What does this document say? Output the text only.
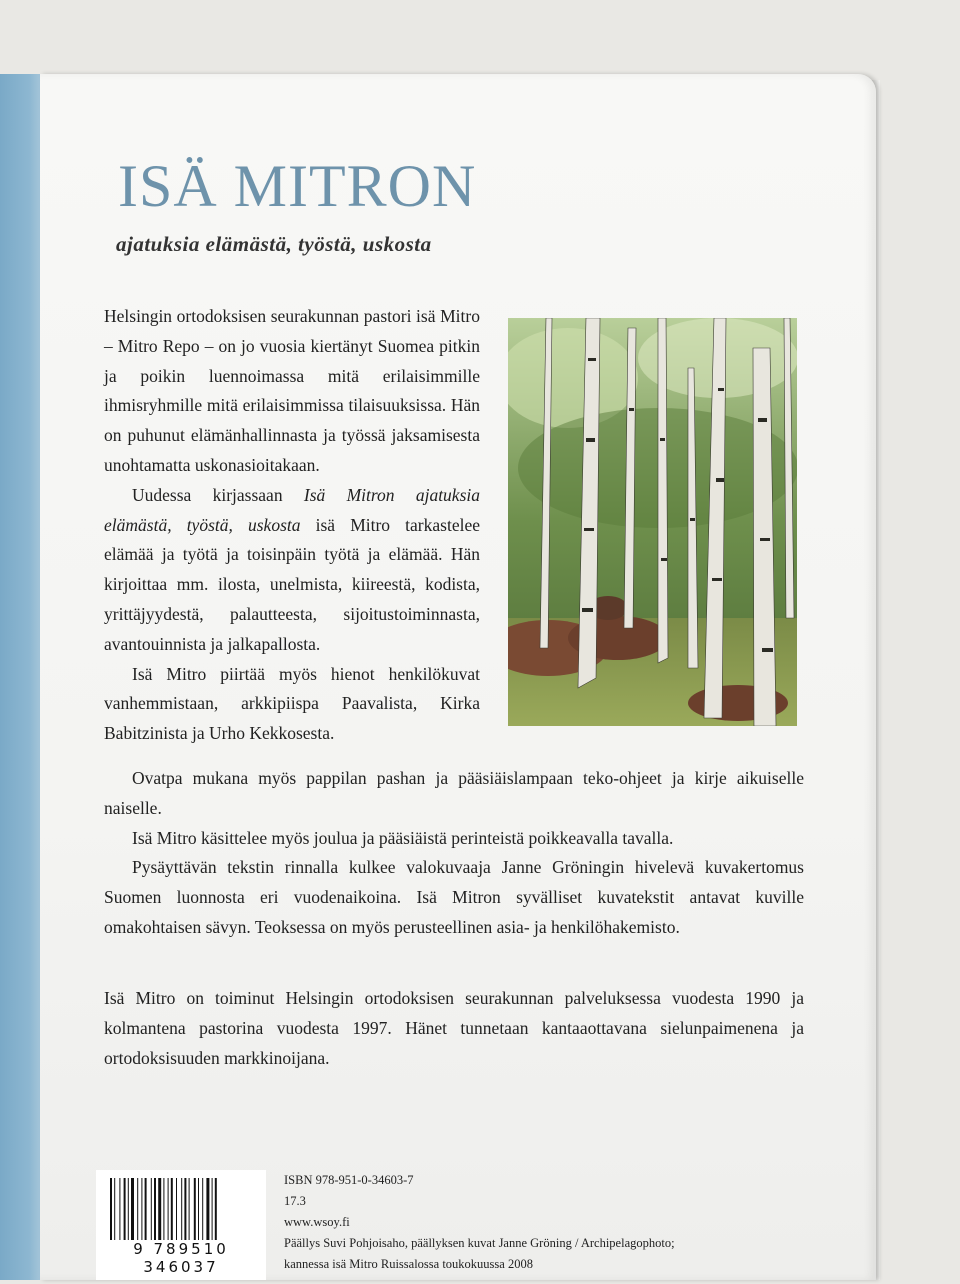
ISÄ MITRON
ajatuksia elämästä, työstä, uskosta

Helsingin ortodoksisen seurakunnan pastori isä Mitro – Mitro Repo – on jo vuosia kiertänyt Suomea pitkin ja poikin luennoimassa mitä erilaisimmille ihmisryhmille mitä erilaisimmissa tilaisuuksissa. Hän on puhunut elämänhallinnasta ja työssä jaksamisesta unohtamatta uskonasioitakaan.

Uudessa kirjassaan Isä Mitron ajatuksia elämästä, työstä, uskosta isä Mitro tarkastelee elämää ja työtä ja toisinpäin työtä ja elämää. Hän kirjoittaa mm. ilosta, unelmista, kiireestä, kodista, yrittäjyydestä, palautteesta, sijoitustoiminnasta, avantouinnista ja jalkapallosta.

Isä Mitro piirtää myös hienot henkilökuvat vanhemmistaan, arkkipiispa Paavalista, Kirka Babitzinista ja Urho Kekkosesta.

Ovatpa mukana myös pappilan pashan ja pääsiäislampaan teko-ohjeet ja kirje aikuiselle naiselle.

Isä Mitro käsittelee myös joulua ja pääsiäistä perinteistä poikkeavalla tavalla.

Pysäyttävän tekstin rinnalla kulkee valokuvaaja Janne Gröningin hivelevä kuvakertomus Suomen luonnosta eri vuodenaikoina. Isä Mitron syvälliset kuvatekstit antavat kuville omakohtaisen sävyn. Teoksessa on myös perusteellinen asia- ja henkilöhakemisto.

Isä Mitro on toiminut Helsingin ortodoksisen seurakunnan palveluksessa vuodesta 1990 ja kolmantena pastorina vuodesta 1997. Hänet tunnetaan kantaaottavana sielunpaimenena ja ortodoksisuuden markkinoijana.

9 789510 346037
ISBN 978-951-0-34603-7
17.3
www.wsoy.fi
Päällys Suvi Pohjoisaho, päällyksen kuvat Janne Gröning / Archipelagophoto;
kannessa isä Mitro Ruissalossa toukokuussa 2008
